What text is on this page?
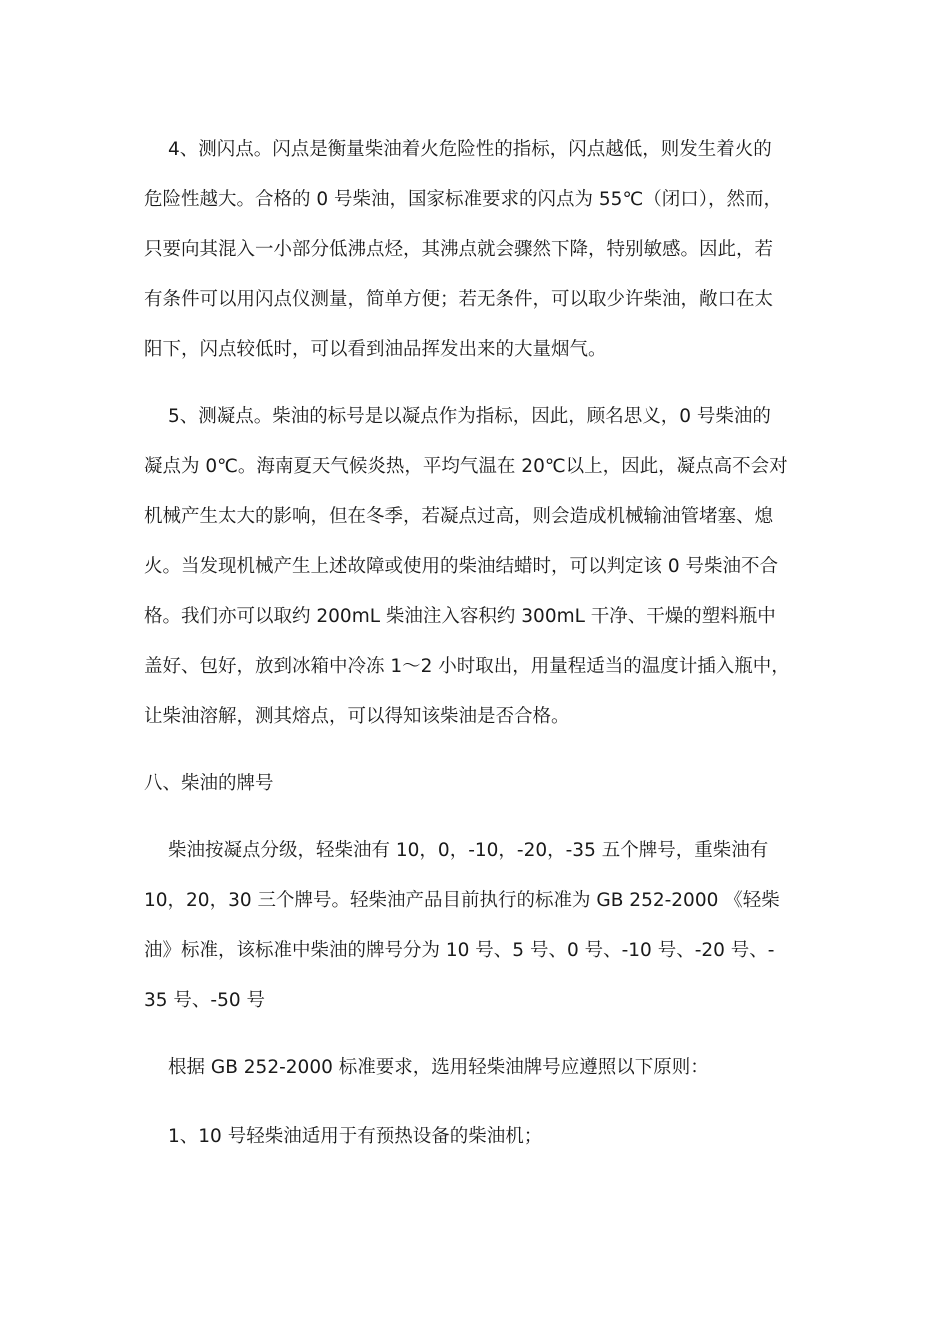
4、测闪点。闪点是衡量柴油着火危险性的指标，闪点越低，则发生着火的
危险性越大。合格的 0 号柴油，国家标准要求的闪点为 55℃（闭口），然而，
只要向其混入一小部分低沸点烃，其沸点就会骤然下降，特别敏感。因此，若
有条件可以用闪点仪测量，简单方便；若无条件，可以取少许柴油，敞口在太
阳下，闪点较低时，可以看到油品挥发出来的大量烟气。
5、测凝点。柴油的标号是以凝点作为指标，因此，顾名思义，0 号柴油的
凝点为 0℃。海南夏天气候炎热，平均气温在 20℃以上，因此，凝点高不会对
机械产生太大的影响，但在冬季，若凝点过高，则会造成机械输油管堵塞、熄
火。当发现机械产生上述故障或使用的柴油结蜡时，可以判定该 0 号柴油不合
格。我们亦可以取约 200mL 柴油注入容积约 300mL 干净、干燥的塑料瓶中
盖好、包好，放到冰箱中冷冻 1～2 小时取出，用量程适当的温度计插入瓶中，
让柴油溶解，测其熔点，可以得知该柴油是否合格。
八、柴油的牌号
柴油按凝点分级，轻柴油有 10，0，-10，-20，-35 五个牌号，重柴油有
10，20，30 三个牌号。轻柴油产品目前执行的标准为 GB 252-2000 《轻柴
油》标准，该标准中柴油的牌号分为 10 号、5 号、0 号、-10 号、-20 号、-
35 号、-50 号
根据 GB 252-2000 标准要求，选用轻柴油牌号应遵照以下原则：
1、10 号轻柴油适用于有预热设备的柴油机；
